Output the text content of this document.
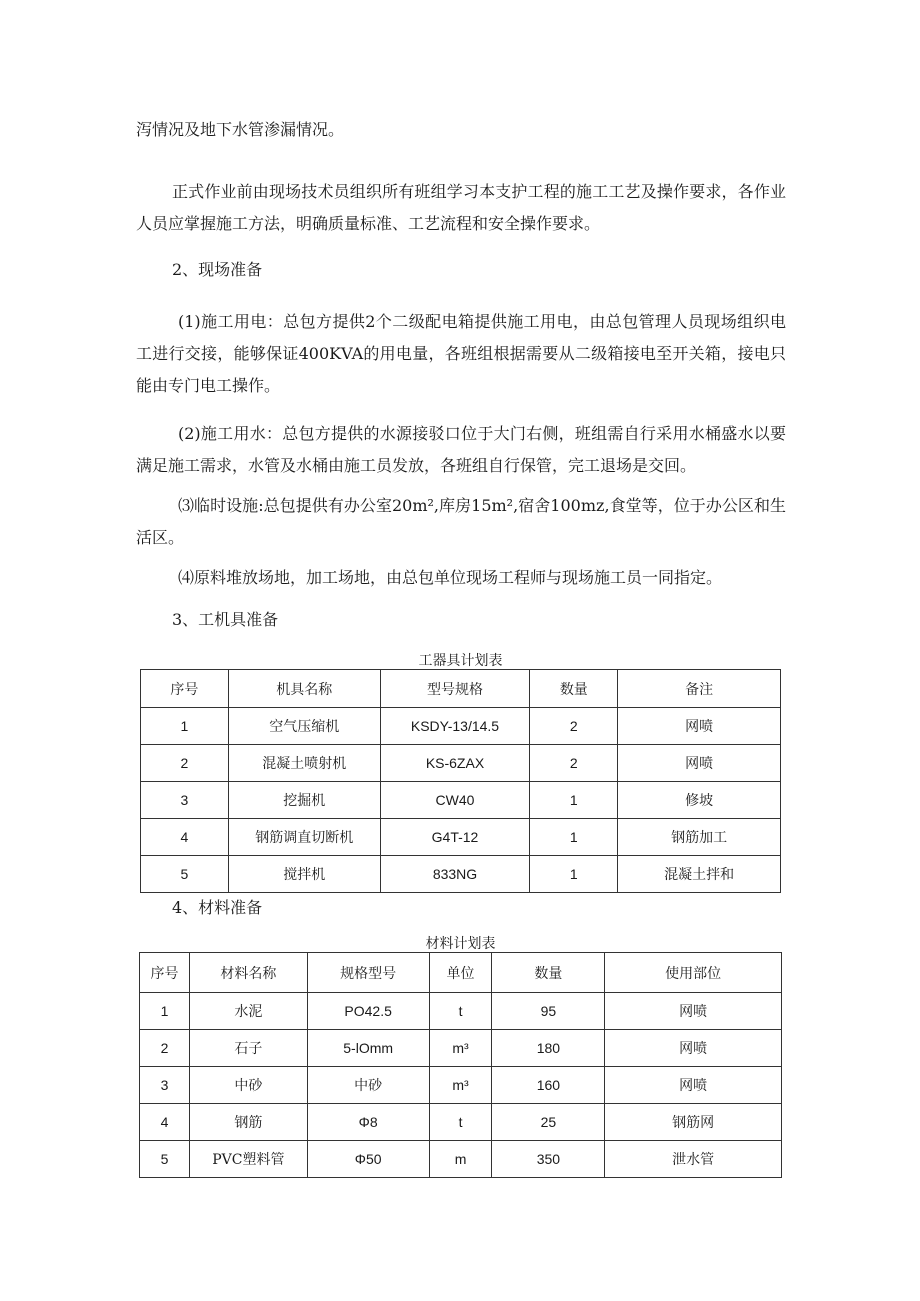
泻情况及地下水管渗漏情况。

正式作业前由现场技术员组织所有班组学习本支护工程的施工工艺及操作要求，各作业人员应掌握施工方法，明确质量标准、工艺流程和安全操作要求。

2、现场准备

(1)施工用电：总包方提供2个二级配电箱提供施工用电，由总包管理人员现场组织电工进行交接，能够保证400KVA的用电量，各班组根据需要从二级箱接电至开关箱，接电只能由专门电工操作。

(2)施工用水：总包方提供的水源接驳口位于大门右侧，班组需自行采用水桶盛水以要满足施工需求，水管及水桶由施工员发放，各班组自行保管，完工退场是交回。

⑶临时设施:总包提供有办公室20m²,库房15m²,宿舍100mz,食堂等，位于办公区和生活区。

⑷原料堆放场地，加工场地，由总包单位现场工程师与现场施工员一同指定。

3、工机具准备

工器具计划表

序号	机具名称	型号规格	数量	备注
1	空气压缩机	KSDY-13/14.5	2	网喷
2	混凝土喷射机	KS-6ZAX	2	网喷
3	挖掘机	CW40	1	修坡
4	钢筋调直切断机	G4T-12	1	钢筋加工
5	搅拌机	833NG	1	混凝土拌和

4、材料准备

材料计划表

序号	材料名称	规格型号	单位	数量	使用部位
1	水泥	PO42.5	t	95	网喷
2	石子	5-lOmm	m³	180	网喷
3	中砂	中砂	m³	160	网喷
4	钢筋	Φ8	t	25	钢筋网
5	PVC塑料管	Φ50	m	350	泄水管
